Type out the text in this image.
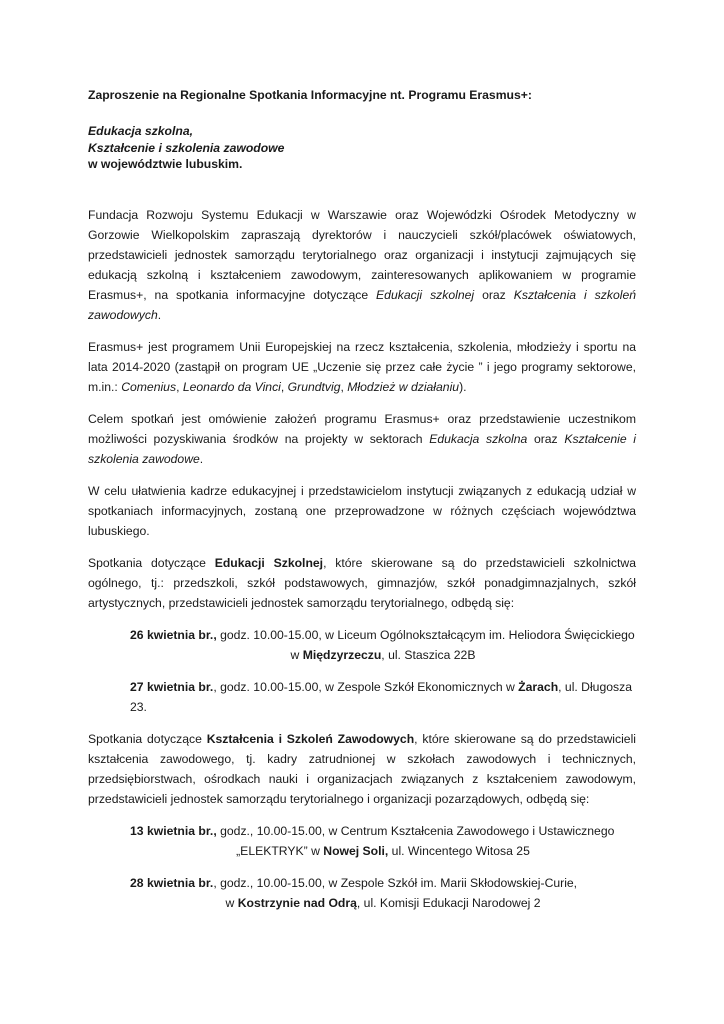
Zaproszenie na Regionalne Spotkania Informacyjne nt. Programu Erasmus+:
Edukacja szkolna,
Kształcenie i szkolenia zawodowe
w województwie lubuskim.

Fundacja Rozwoju Systemu Edukacji w Warszawie oraz Wojewódzki Ośrodek Metodyczny w Gorzowie Wielkopolskim zapraszają dyrektorów i nauczycieli szkół/placówek oświatowych, przedstawicieli jednostek samorządu terytorialnego oraz organizacji i instytucji zajmujących się edukacją szkolną i kształceniem zawodowym, zainteresowanych aplikowaniem w programie Erasmus+, na spotkania informacyjne dotyczące Edukacji szkolnej oraz Kształcenia i szkoleń zawodowych.

Erasmus+ jest programem Unii Europejskiej na rzecz kształcenia, szkolenia, młodzieży i sportu na lata 2014-2020 (zastąpił on program UE „Uczenie się przez całe życie ” i jego programy sektorowe, m.in.: Comenius, Leonardo da Vinci, Grundtvig, Młodzież w działaniu).

Celem spotkań jest omówienie założeń programu Erasmus+ oraz przedstawienie uczestnikom możliwości pozyskiwania środków na projekty w sektorach Edukacja szkolna oraz Kształcenie i szkolenia zawodowe.

W celu ułatwienia kadrze edukacyjnej i przedstawicielom instytucji związanych z edukacją udział w spotkaniach informacyjnych, zostaną one przeprowadzone w różnych częściach województwa lubuskiego.

Spotkania dotyczące Edukacji Szkolnej, które skierowane są do przedstawicieli szkolnictwa ogólnego, tj.: przedszkoli, szkół podstawowych, gimnazjów, szkół ponadgimnazjalnych, szkół artystycznych, przedstawicieli jednostek samorządu terytorialnego, odbędą się:

26 kwietnia br., godz. 10.00-15.00, w Liceum Ogólnokształcącym im. Heliodora Święcickiego
w Międzyrzeczu, ul. Staszica 22B
27 kwietnia br., godz. 10.00-15.00, w Zespole Szkół Ekonomicznych w Żarach, ul. Długosza 23.

Spotkania dotyczące Kształcenia i Szkoleń Zawodowych, które skierowane są do przedstawicieli kształcenia zawodowego, tj. kadry zatrudnionej w szkołach zawodowych i technicznych, przedsiębiorstwach, ośrodkach nauki i organizacjach związanych z kształceniem zawodowym, przedstawicieli jednostek samorządu terytorialnego i organizacji pozarządowych, odbędą się:

13 kwietnia br., godz., 10.00-15.00, w Centrum Kształcenia Zawodowego i Ustawicznego
„ELEKTRYK” w Nowej Soli, ul. Wincentego Witosa 25
28 kwietnia br., godz., 10.00-15.00, w Zespole Szkół im. Marii Skłodowskiej-Curie,
w Kostrzynie nad Odrą, ul. Komisji Edukacji Narodowej 2
